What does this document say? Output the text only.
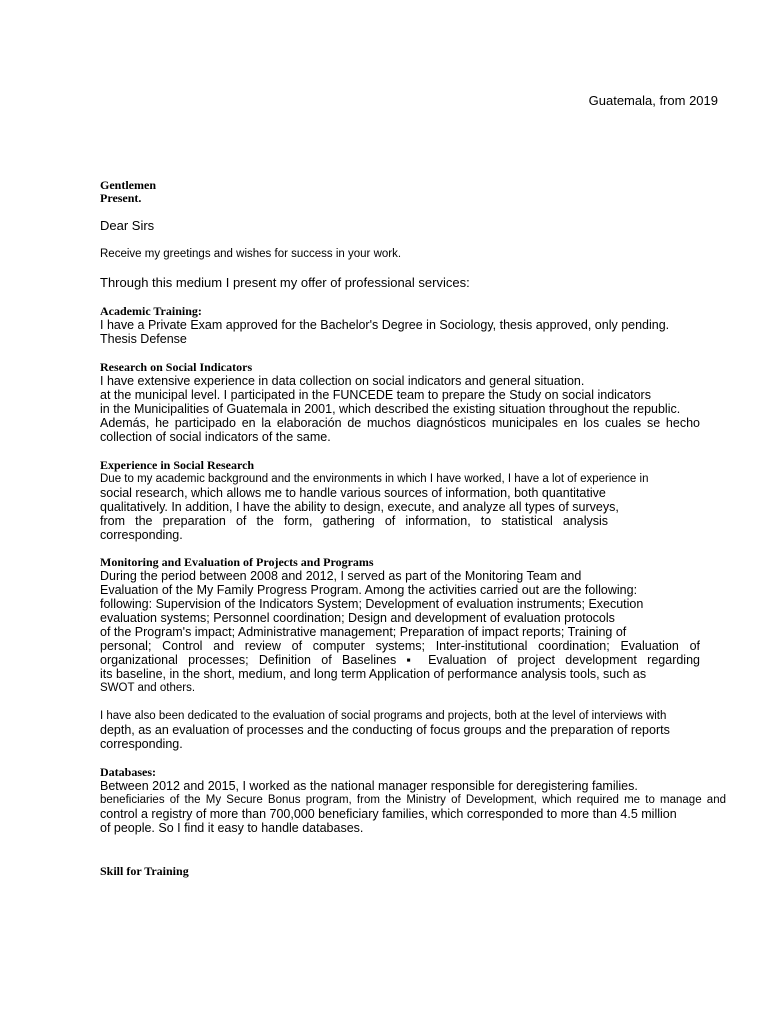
Guatemala, from 2019
Gentlemen
Present.
Dear Sirs
Receive my greetings and wishes for success in your work.
Through this medium I present my offer of professional services:
Academic Training:
I have a Private Exam approved for the Bachelor's Degree in Sociology, thesis approved, only pending.
Thesis Defense
Research on Social Indicators
I have extensive experience in data collection on social indicators and general situation.
at the municipal level. I participated in the FUNCEDE team to prepare the Study on social indicators
in the Municipalities of Guatemala in 2001, which described the existing situation throughout the republic.
Además, he participado en la elaboración de muchos diagnósticos municipales en los cuales se hecho
collection of social indicators of the same.
Experience in Social Research
Due to my academic background and the environments in which I have worked, I have a lot of experience in
social research, which allows me to handle various sources of information, both quantitative
qualitatively. In addition, I have the ability to design, execute, and analyze all types of surveys,
from the preparation of the form, gathering of information, to statistical analysis
corresponding.
Monitoring and Evaluation of Projects and Programs
During the period between 2008 and 2012, I served as part of the Monitoring Team and
Evaluation of the My Family Progress Program. Among the activities carried out are the following:
following: Supervision of the Indicators System; Development of evaluation instruments; Execution
evaluation systems; Personnel coordination; Design and development of evaluation protocols
of the Program's impact; Administrative management; Preparation of impact reports; Training of
personal; Control and review of computer systems; Inter-institutional coordination; Evaluation of
organizational processes; Definition of Baselines ▪ Evaluation of project development regarding
its baseline, in the short, medium, and long term Application of performance analysis tools, such as
SWOT and others.
I have also been dedicated to the evaluation of social programs and projects, both at the level of interviews with
depth, as an evaluation of processes and the conducting of focus groups and the preparation of reports
corresponding.
Databases:
Between 2012 and 2015, I worked as the national manager responsible for deregistering families.
beneficiaries of the My Secure Bonus program, from the Ministry of Development, which required me to manage and
control a registry of more than 700,000 beneficiary families, which corresponded to more than 4.5 million
of people. So I find it easy to handle databases.
Skill for Training
